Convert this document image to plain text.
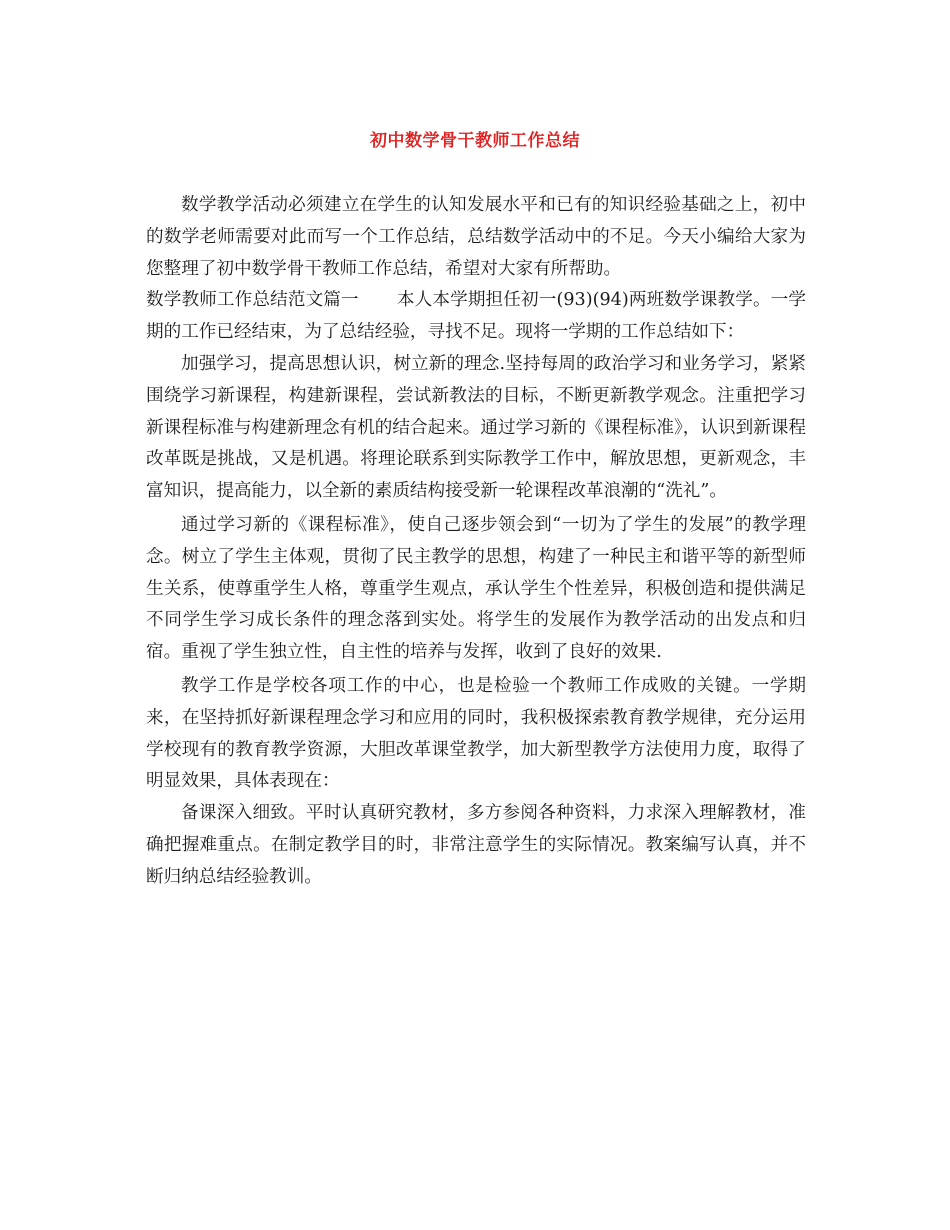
初中数学骨干教师工作总结

数学教学活动必须建立在学生的认知发展水平和已有的知识经验基础之上，初中的数学老师需要对此而写一个工作总结，总结数学活动中的不足。今天小编给大家为您整理了初中数学骨干教师工作总结，希望对大家有所帮助。

数学教师工作总结范文篇一 本人本学期担任初一(93)(94)两班数学课教学。一学期的工作已经结束，为了总结经验，寻找不足。现将一学期的工作总结如下：

加强学习，提高思想认识，树立新的理念.坚持每周的政治学习和业务学习，紧紧围绕学习新课程，构建新课程，尝试新教法的目标，不断更新教学观念。注重把学习新课程标准与构建新理念有机的结合起来。通过学习新的《课程标准》，认识到新课程改革既是挑战，又是机遇。将理论联系到实际教学工作中，解放思想，更新观念，丰富知识，提高能力，以全新的素质结构接受新一轮课程改革浪潮的“洗礼”。

通过学习新的《课程标准》，使自己逐步领会到“一切为了学生的发展”的教学理念。树立了学生主体观，贯彻了民主教学的思想，构建了一种民主和谐平等的新型师生关系，使尊重学生人格，尊重学生观点，承认学生个性差异，积极创造和提供满足不同学生学习成长条件的理念落到实处。将学生的发展作为教学活动的出发点和归宿。重视了学生独立性，自主性的培养与发挥，收到了良好的效果.

教学工作是学校各项工作的中心，也是检验一个教师工作成败的关键。一学期来，在坚持抓好新课程理念学习和应用的同时，我积极探索教育教学规律，充分运用学校现有的教育教学资源，大胆改革课堂教学，加大新型教学方法使用力度，取得了明显效果，具体表现在：

备课深入细致。平时认真研究教材，多方参阅各种资料，力求深入理解教材，准确把握难重点。在制定教学目的时，非常注意学生的实际情况。教案编写认真，并不断归纳总结经验教训。
